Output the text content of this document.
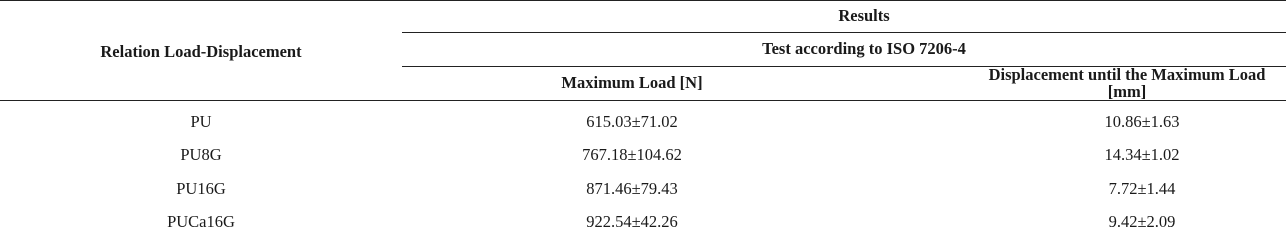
Relation Load-Displacement	Results	
	Test according to ISO 7206-4	
	Maximum Load [N]	Displacement until the Maximum Load [mm]
PU	615.03±71.02	10.86±1.63
PU8G	767.18±104.62	14.34±1.02
PU16G	871.46±79.43	7.72±1.44
PUCa16G	922.54±42.26	9.42±2.09
